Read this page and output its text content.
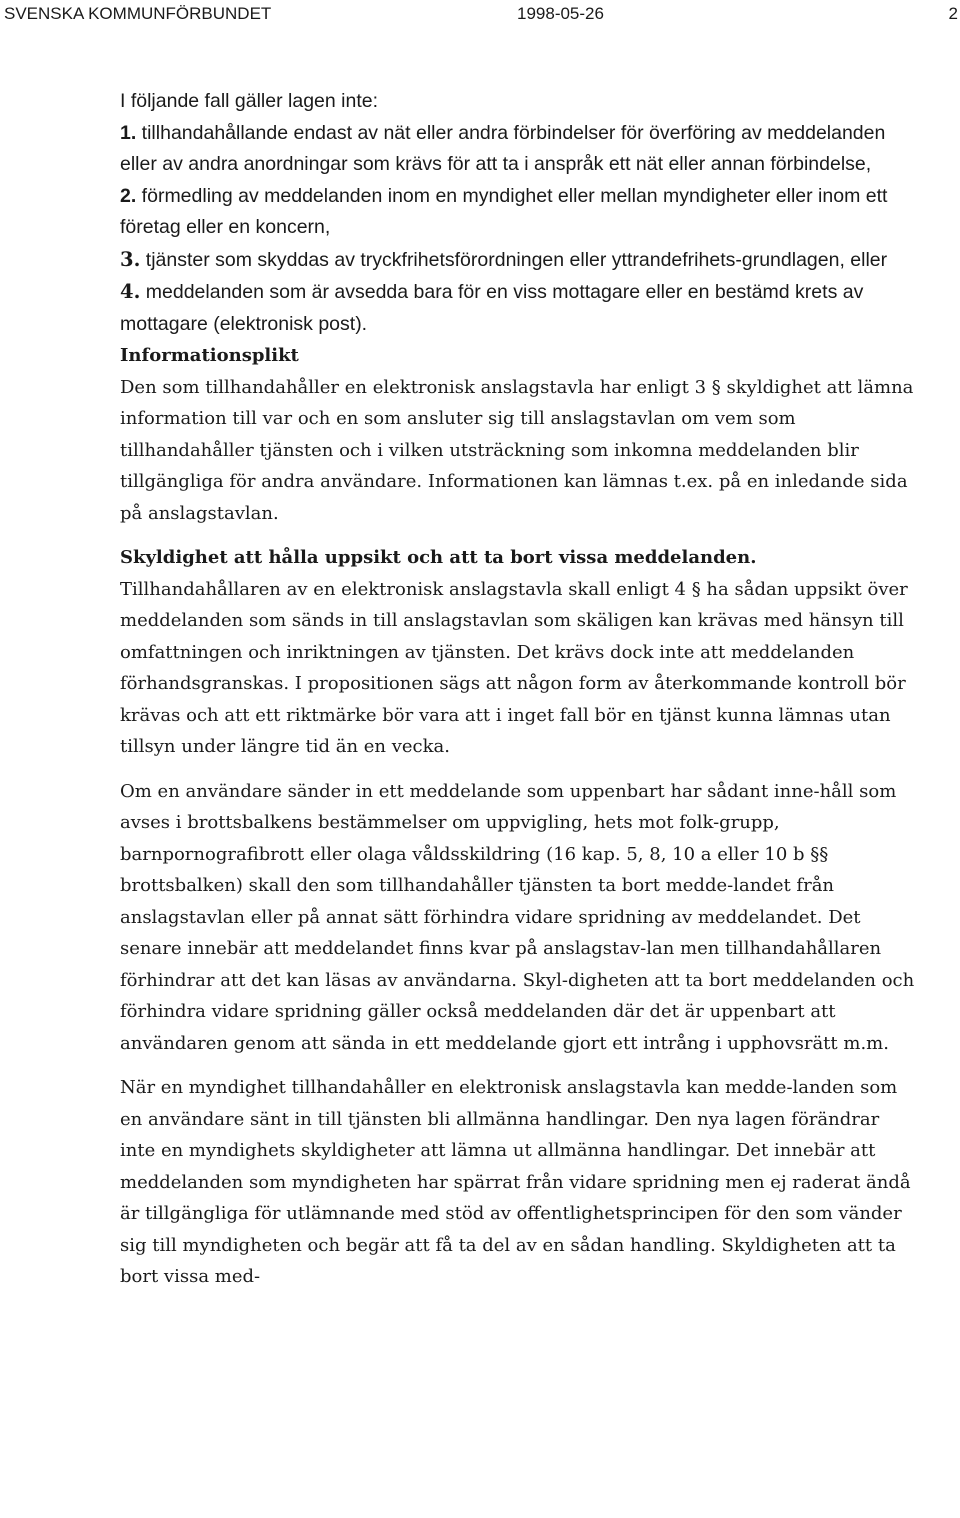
SVENSKA KOMMUNFÖRBUNDET	1998-05-26	2

I följande fall gäller lagen inte:

1. tillhandahållande endast av nät eller andra förbindelser för överföring av meddelanden eller av andra anordningar som krävs för att ta i anspråk ett nät eller annan förbindelse,

2. förmedling av meddelanden inom en myndighet eller mellan myndigheter eller inom ett företag eller en koncern,

3. tjänster som skyddas av tryckfrihetsförordningen eller yttrandefrihets-grundlagen, eller

4. meddelanden som är avsedda bara för en viss mottagare eller en bestämd krets av mottagare (elektronisk post).

Informationsplikt

Den som tillhandahåller en elektronisk anslagstavla har enligt 3 § skyldighet att lämna information till var och en som ansluter sig till anslagstavlan om vem som tillhandahåller tjänsten och i vilken utsträckning som inkomna meddelanden blir tillgängliga för andra användare. Informationen kan lämnas t.ex. på en inledande sida på anslagstavlan.

Skyldighet att hålla uppsikt och att ta bort vissa meddelanden.

Tillhandahållaren av en elektronisk anslagstavla skall enligt 4 § ha sådan uppsikt över meddelanden som sänds in till anslagstavlan som skäligen kan krävas med hänsyn till omfattningen och inriktningen av tjänsten. Det krävs dock inte att meddelanden förhandsgranskas. I propositionen sägs att någon form av återkommande kontroll bör krävas och att ett riktmärke bör vara att i inget fall bör en tjänst kunna lämnas utan tillsyn under längre tid än en vecka.

Om en användare sänder in ett meddelande som uppenbart har sådant inne-håll som avses i brottsbalkens bestämmelser om uppvigling, hets mot folk-grupp, barnpornografibrott eller olaga våldsskildring (16 kap. 5, 8, 10 a eller 10 b §§ brottsbalken) skall den som tillhandahåller tjänsten ta bort medde-landet från anslagstavlan eller på annat sätt förhindra vidare spridning av meddelandet. Det senare innebär att meddelandet finns kvar på anslagstav-lan men tillhandahållaren förhindrar att det kan läsas av användarna. Skyl-digheten att ta bort meddelanden och förhindra vidare spridning gäller också meddelanden där det är uppenbart att användaren genom att sända in ett meddelande gjort ett intrång i upphovsrätt m.m.

När en myndighet tillhandahåller en elektronisk anslagstavla kan medde-landen som en användare sänt in till tjänsten bli allmänna handlingar. Den nya lagen förändrar inte en myndighets skyldigheter att lämna ut allmänna handlingar. Det innebär att meddelanden som myndigheten har spärrat från vidare spridning men ej raderat ändå är tillgängliga för utlämnande med stöd av offentlighetsprincipen för den som vänder sig till myndigheten och begär att få ta del av en sådan handling. Skyldigheten att ta bort vissa med-
